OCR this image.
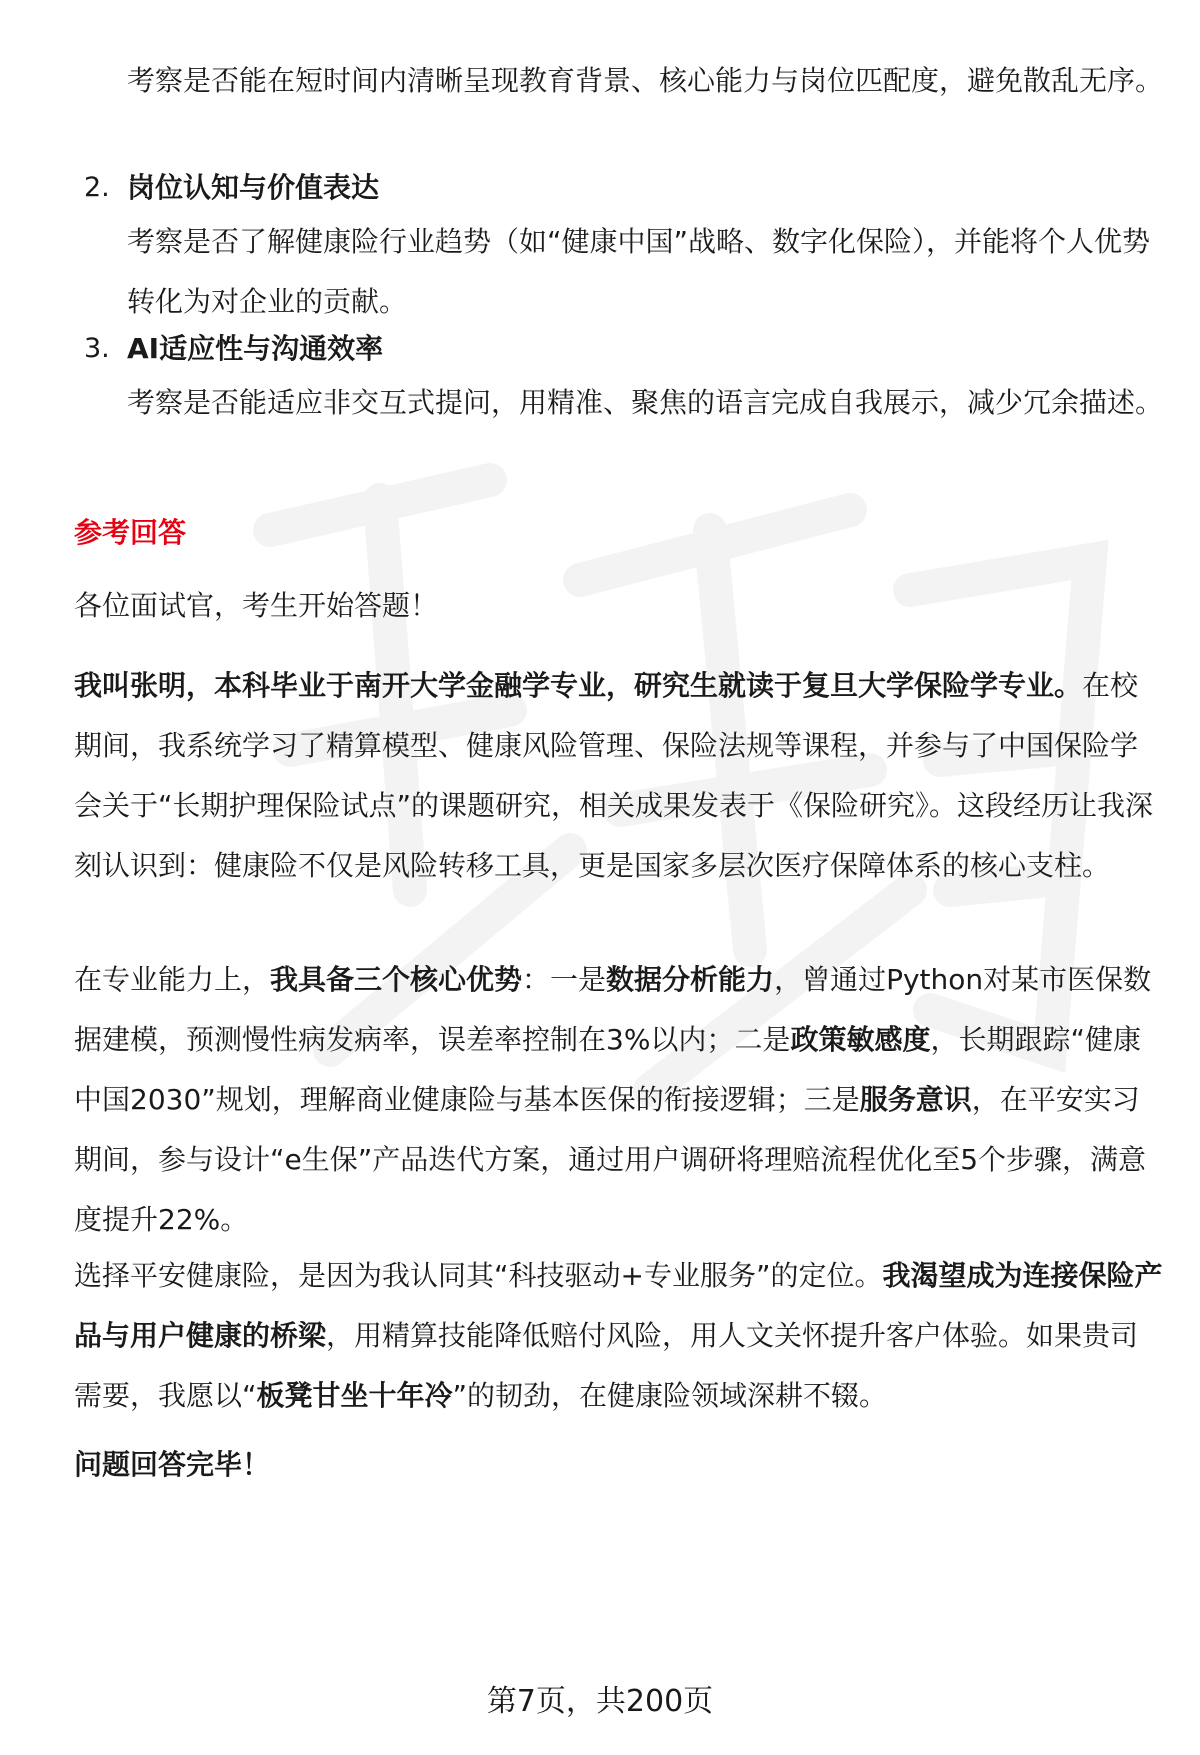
考察是否能在短时间内清晰呈现教育背景、核心能力与岗位匹配度，避免散乱无序。

2. 岗位认知与价值表达

考察是否了解健康险行业趋势（如“健康中国”战略、数字化保险），并能将个人优势转化为对企业的贡献。

3. AI适应性与沟通效率

考察是否能适应非交互式提问，用精准、聚焦的语言完成自我展示，减少冗余描述。

参考回答

各位面试官，考生开始答题！

我叫张明，本科毕业于南开大学金融学专业，研究生就读于复旦大学保险学专业。在校期间，我系统学习了精算模型、健康风险管理、保险法规等课程，并参与了中国保险学会关于“长期护理保险试点”的课题研究，相关成果发表于《保险研究》。这段经历让我深刻认识到：健康险不仅是风险转移工具，更是国家多层次医疗保障体系的核心支柱。

在专业能力上，我具备三个核心优势：一是数据分析能力，曾通过Python对某市医保数据建模，预测慢性病发病率，误差率控制在3%以内；二是政策敏感度，长期跟踪“健康中国2030”规划，理解商业健康险与基本医保的衔接逻辑；三是服务意识，在平安实习期间，参与设计“e生保”产品迭代方案，通过用户调研将理赔流程优化至5个步骤，满意度提升22%。

选择平安健康险，是因为我认同其“科技驱动+专业服务”的定位。我渴望成为连接保险产品与用户健康的桥梁，用精算技能降低赔付风险，用人文关怀提升客户体验。如果贵司需要，我愿以“板凳甘坐十年冷”的韧劲，在健康险领域深耕不辍。

问题回答完毕！

第7页，共200页
